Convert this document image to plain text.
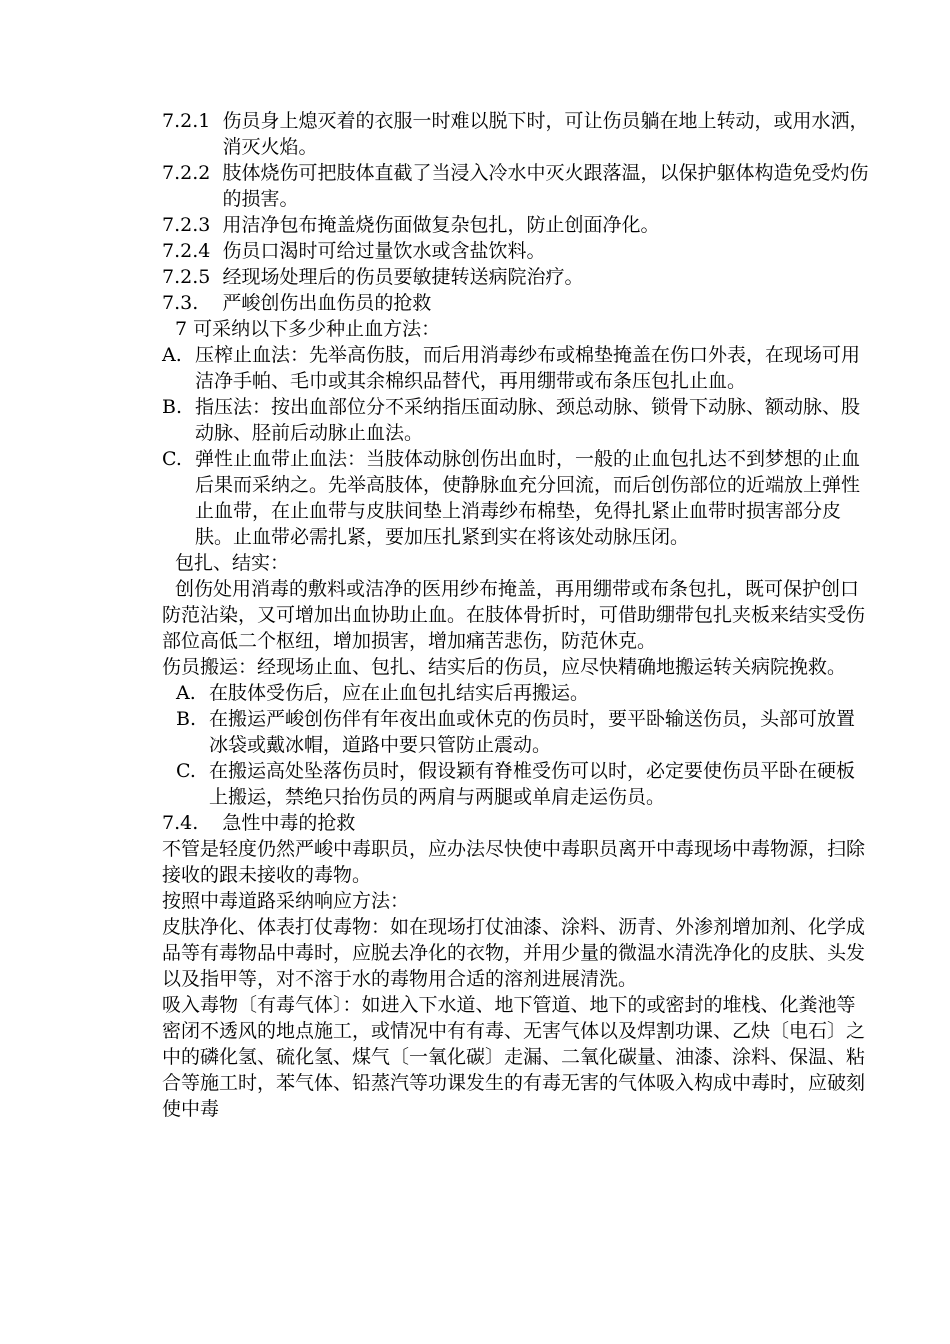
7.2.1 伤员身上熄灭着的衣服一时难以脱下时，可让伤员躺在地上转动，或用水洒，消灭火焰。
7.2.2 肢体烧伤可把肢体直截了当浸入冷水中灭火跟落温，以保护躯体构造免受灼伤的损害。
7.2.3 用洁净包布掩盖烧伤面做复杂包扎，防止创面净化。
7.2.4 伤员口渴时可给过量饮水或含盐饮料。
7.2.5 经现场处理后的伤员要敏捷转送病院治疗。
7.3. 严峻创伤出血伤员的抢救

7 可采纳以下多少种止血方法：

A. 压榨止血法：先举高伤肢，而后用消毒纱布或棉垫掩盖在伤口外表，在现场可用洁净手帕、毛巾或其余棉织品替代，再用绷带或布条压包扎止血。
B. 指压法：按出血部位分不采纳指压面动脉、颈总动脉、锁骨下动脉、额动脉、股动脉、胫前后动脉止血法。
C. 弹性止血带止血法：当肢体动脉创伤出血时，一般的止血包扎达不到梦想的止血后果而采纳之。先举高肢体，使静脉血充分回流，而后创伤部位的近端放上弹性止血带，在止血带与皮肤间垫上消毒纱布棉垫，免得扎紧止血带时损害部分皮肤。止血带必需扎紧，要加压扎紧到实在将该处动脉压闭。

包扎、结实：

创伤处用消毒的敷料或洁净的医用纱布掩盖，再用绷带或布条包扎，既可保护创口防范沾染，又可增加出血协助止血。在肢体骨折时，可借助绷带包扎夹板来结实受伤部位高低二个枢纽，增加损害，增加痛苦悲伤，防范休克。

伤员搬运：经现场止血、包扎、结实后的伤员，应尽快精确地搬运转关病院挽救。

A. 在肢体受伤后，应在止血包扎结实后再搬运。
B. 在搬运严峻创伤伴有年夜出血或休克的伤员时，要平卧输送伤员，头部可放置冰袋或戴冰帽，道路中要只管防止震动。
C. 在搬运高处坠落伤员时，假设颖有脊椎受伤可以时，必定要使伤员平卧在硬板上搬运，禁绝只抬伤员的两肩与两腿或单肩走运伤员。
7.4. 急性中毒的抢救

不管是轻度仍然严峻中毒职员，应办法尽快使中毒职员离开中毒现场中毒物源，扫除接收的跟未接收的毒物。

按照中毒道路采纳响应方法：

皮肤净化、体表打仗毒物：如在现场打仗油漆、涂料、沥青、外渗剂增加剂、化学成品等有毒物品中毒时，应脱去净化的衣物，并用少量的微温水清洗净化的皮肤、头发以及指甲等，对不溶于水的毒物用合适的溶剂进展清洗。

吸入毒物〔有毒气体〕：如进入下水道、地下管道、地下的或密封的堆栈、化粪池等密闭不透风的地点施工，或情况中有有毒、无害气体以及焊割功课、乙炔〔电石〕之中的磷化氢、硫化氢、煤气〔一氧化碳〕走漏、二氧化碳量、油漆、涂料、保温、粘合等施工时，苯气体、铅蒸汽等功课发生的有毒无害的气体吸入构成中毒时，应破刻使中毒
